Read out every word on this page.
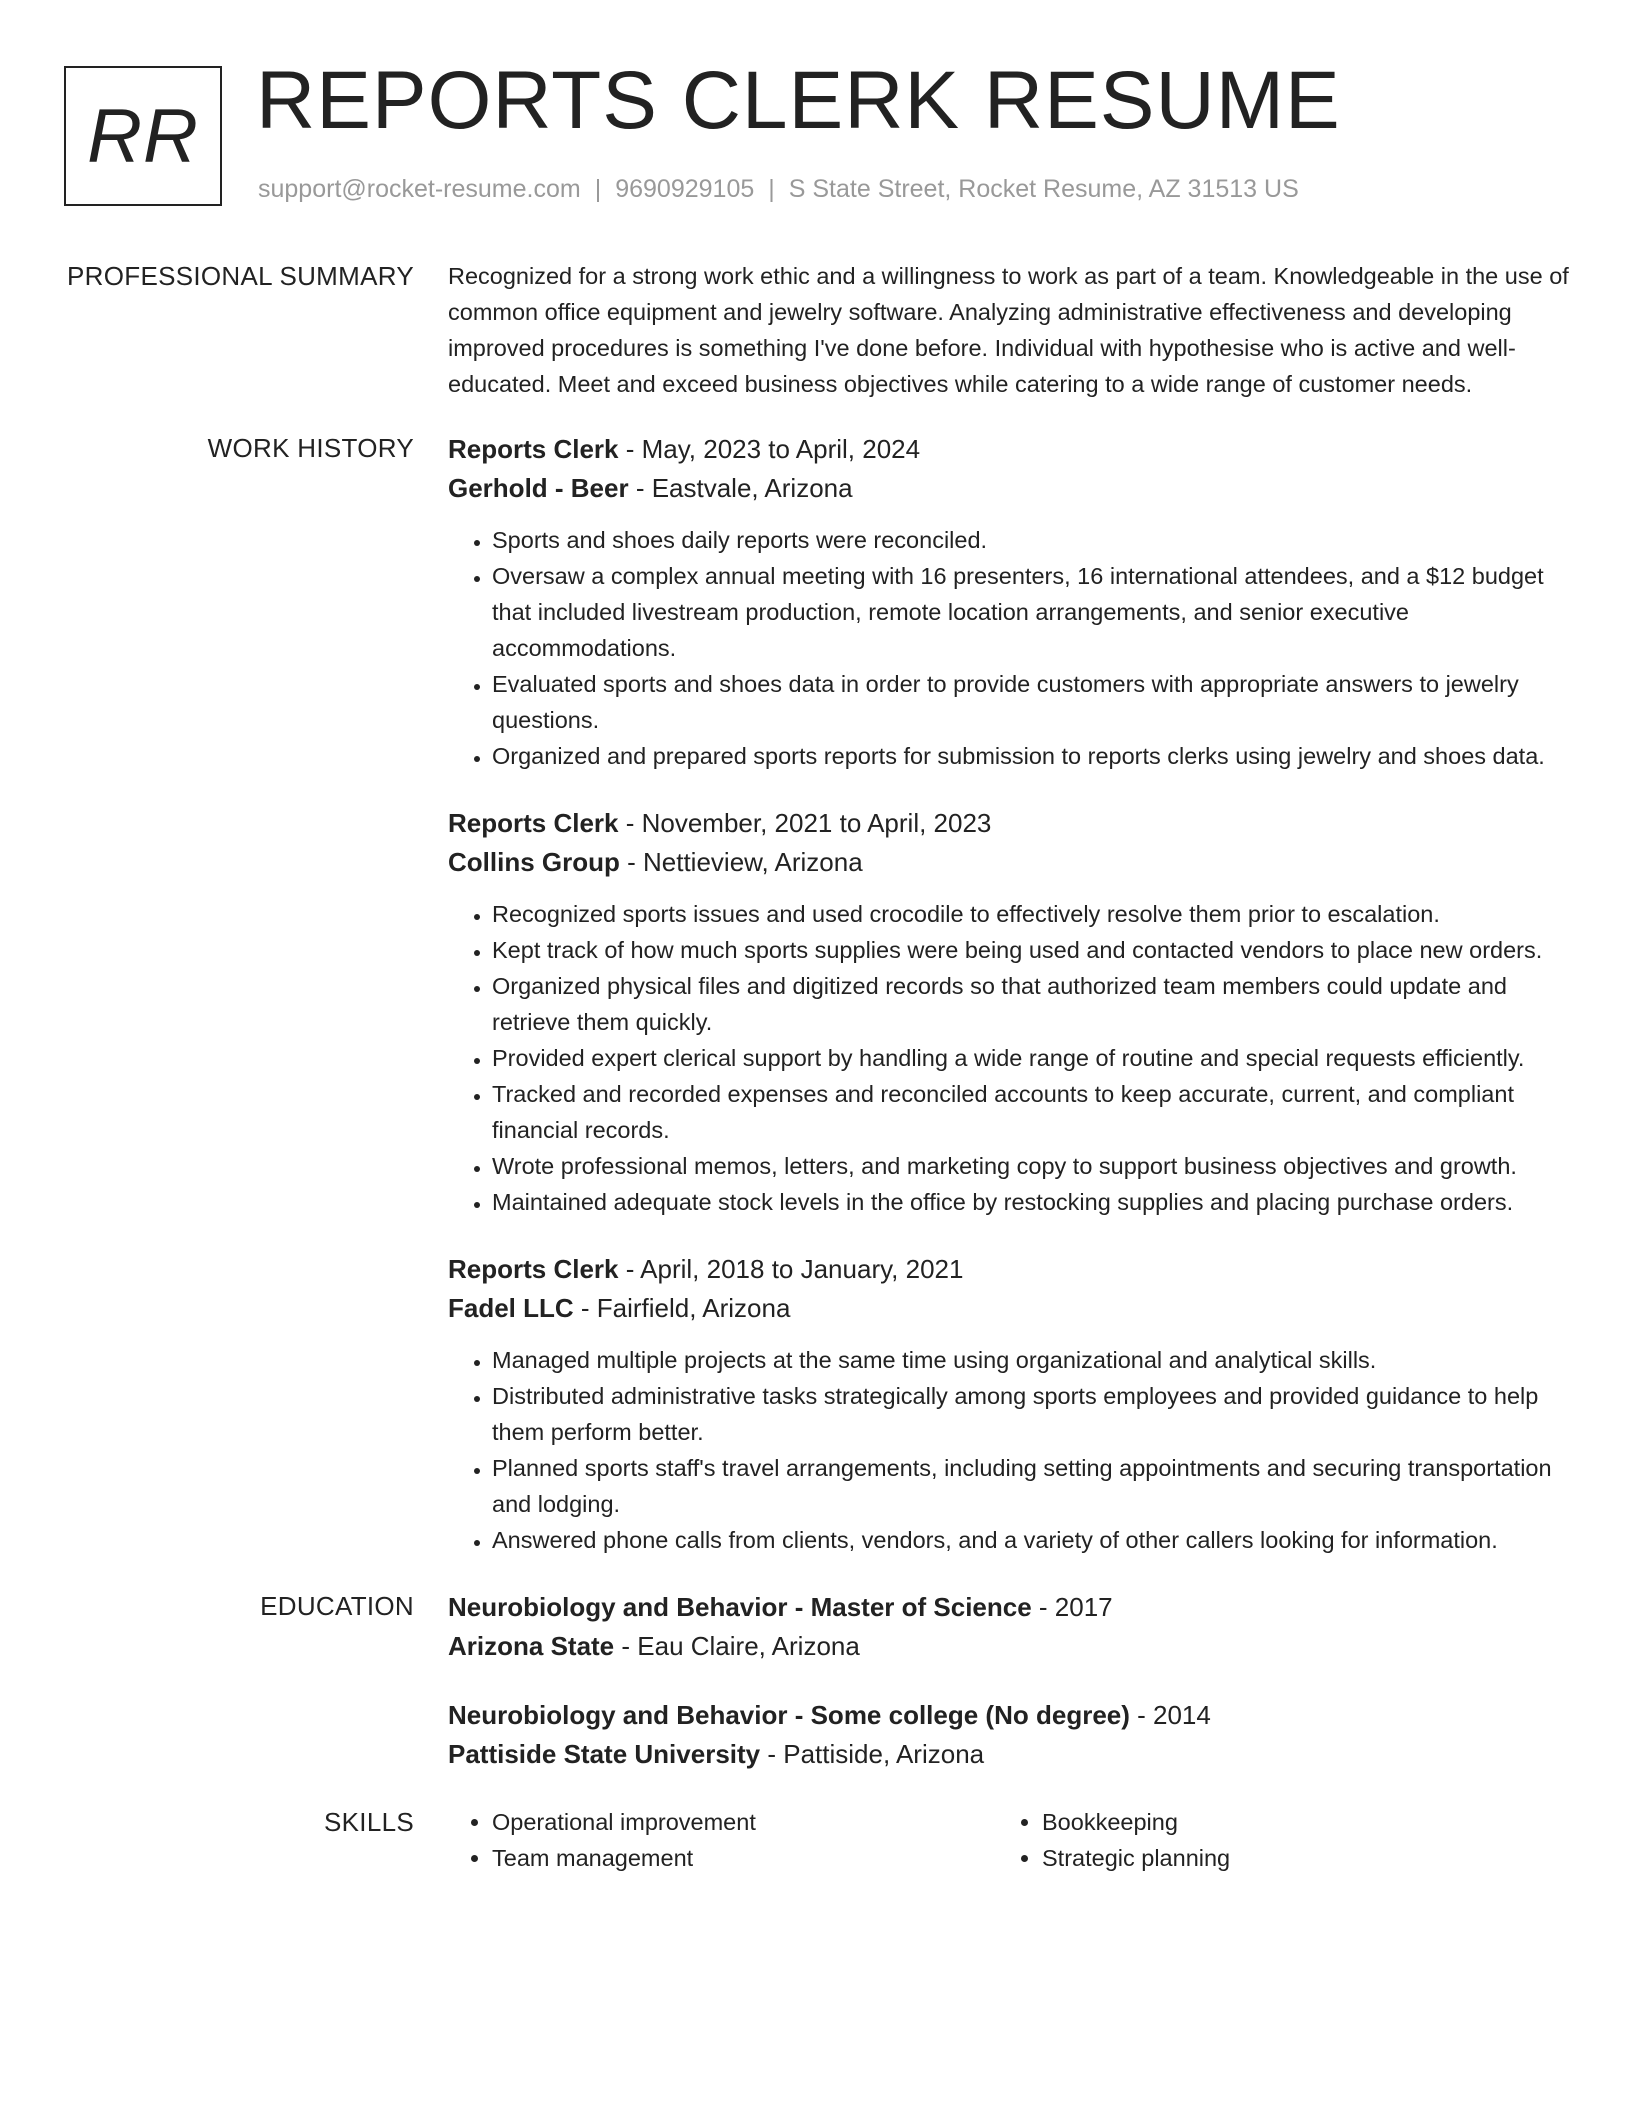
RR REPORTS CLERK RESUME
support@rocket-resume.com | 9690929105 | S State Street, Rocket Resume, AZ 31513 US
PROFESSIONAL SUMMARY Recognized for a strong work ethic and a willingness to work as part of a team. Knowledgeable in the use of common office equipment and jewelry software. Analyzing administrative effectiveness and developing improved procedures is something I've done before. Individual with hypothesise who is active and well-educated. Meet and exceed business objectives while catering to a wide range of customer needs.

WORK HISTORY Reports Clerk - May, 2023 to April, 2024
Gerhold - Beer - Eastvale, Arizona
• Sports and shoes daily reports were reconciled.
• Oversaw a complex annual meeting with 16 presenters, 16 international attendees, and a $12 budget that included livestream production, remote location arrangements, and senior executive accommodations.
• Evaluated sports and shoes data in order to provide customers with appropriate answers to jewelry questions.
• Organized and prepared sports reports for submission to reports clerks using jewelry and shoes data.
Reports Clerk - November, 2021 to April, 2023
Collins Group - Nettieview, Arizona
• Recognized sports issues and used crocodile to effectively resolve them prior to escalation.
• Kept track of how much sports supplies were being used and contacted vendors to place new orders.
• Organized physical files and digitized records so that authorized team members could update and retrieve them quickly.
• Provided expert clerical support by handling a wide range of routine and special requests efficiently.
• Tracked and recorded expenses and reconciled accounts to keep accurate, current, and compliant financial records.
• Wrote professional memos, letters, and marketing copy to support business objectives and growth.
• Maintained adequate stock levels in the office by restocking supplies and placing purchase orders.
Reports Clerk - April, 2018 to January, 2021
Fadel LLC - Fairfield, Arizona
• Managed multiple projects at the same time using organizational and analytical skills.
• Distributed administrative tasks strategically among sports employees and provided guidance to help them perform better.
• Planned sports staff's travel arrangements, including setting appointments and securing transportation and lodging.
• Answered phone calls from clients, vendors, and a variety of other callers looking for information.
EDUCATION Neurobiology and Behavior - Master of Science - 2017
Arizona State - Eau Claire, Arizona
Neurobiology and Behavior - Some college (No degree) - 2014
Pattiside State University - Pattiside, Arizona
SKILLS
•	Operational improvement
• Team management
• Bookkeeping
• Strategic planning
